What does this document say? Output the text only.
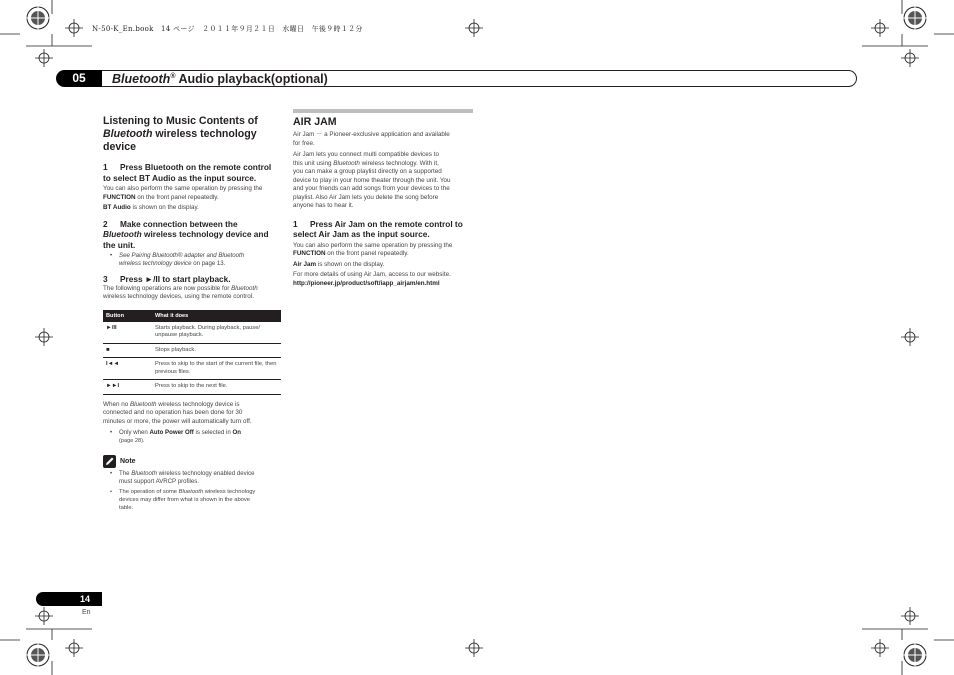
N-50-K_En.book　14 ページ　２０１１年９月２１日　水曜日　午後９時１２分
05	Bluetooth® Audio playback(optional)
Listening to Music Contents of
Bluetooth wireless technology device
1 Press Bluetooth on the remote control
to select BT Audio as the input source.
You can also perform the same operation by pressing the
FUNCTION on the front panel repeatedly.
BT Audio is shown on the display.
2 Make connection between the
Bluetooth wireless technology device and
the unit.
• See Pairing Bluetooth® adapter and Bluetooth
wireless technology device on page 13.
3 Press ►/II to start playback.
The following operations are now possible for Bluetooth
wireless technology devices, using the remote control.
Button	What it does
►/II	Starts playback. During playback, pause/ unpause playback.
■	Stops playback.
I◄◄	Press to skip to the start of the current file, then previous files.
►►I	Press to skip to the next file.
When no Bluetooth wireless technology device is
connected and no operation has been done for 30
minutes or more, the power will automatically turn off.
• Only when Auto Power Off is selected in On
(page 28).
Note
• The Bluetooth wireless technology enabled device
must support AVRCP profiles.
• The operation of some Bluetooth wireless technology
devices may differ from what is shown in the above
table.
AIR JAM
Air Jam － a Pioneer-exclusive application and available
for free.
Air Jam lets you connect multi compatible devices to
this unit using Bluetooth wireless technology. With it,
you can make a group playlist directly on a supported
device to play in your home theater through the unit. You
and your friends can add songs from your devices to the
playlist. Also Air Jam lets you delete the song before
anyone has to hear it.
1 Press Air Jam on the remote control to
select Air Jam as the input source.
You can also perform the same operation by pressing the
FUNCTION on the front panel repeatedly.
Air Jam is shown on the display.
For more details of using Air Jam, access to our website.
http://pioneer.jp/product/soft/iapp_airjam/en.html
14
En
